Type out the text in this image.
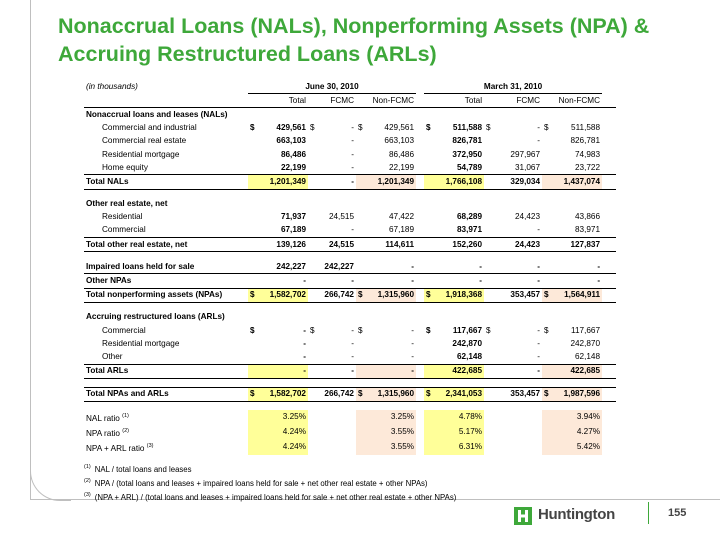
Nonaccrual Loans (NALs), Nonperforming Assets (NPA) & Accruing Restructured Loans (ARLs)
(in thousands)	June 30, 2010				March 31, 2010			
	Total	FCMC	Non-FCMC		Total	FCMC	Non-FCMC	
Nonaccrual loans and leases (NALs)								
Commercial and industrial	$ 429,561	$ -	$ 429,561		$ 511,588	$ -	$ 511,588	
Commercial real estate	663,103	-	663,103		826,781	-	826,781	
Residential mortgage	86,486	-	86,486		372,950	297,967	74,983	
Home equity	22,199	-	22,199		54,789	31,067	23,722	
Total NALs	1,201,349	-	1,201,349		1,766,108	329,034	1,437,074	

Other real estate, net								
Residential	71,937	24,515	47,422		68,289	24,423	43,866	
Commercial	67,189	-	67,189		83,971	-	83,971	
Total other real estate, net	139,126	24,515	114,611		152,260	24,423	127,837	

Impaired loans held for sale	242,227	242,227	-		-	-	-	
Other NPAs	-	-	-		-	-	-	
Total nonperforming assets (NPAs)	$ 1,582,702	266,742	$ 1,315,960		$ 1,918,368	353,457	$ 1,564,911	

Accruing restructured loans (ARLs)								
Commercial	$ -	$ -	$ -		$ 117,667	$ -	$ 117,667	
Residential mortgage	-	-	-		242,870	-	242,870	
Other	-	-	-		62,148	-	62,148	
Total ARLs	-	-	-		422,685	-	422,685	

Total NPAs and ARLs	$ 1,582,702	266,742	$ 1,315,960		$ 2,341,053	353,457	$ 1,987,596	

NAL ratio $^{(1)}$	3.25%		3.25%		4.78%		3.94%	
NPA ratio $^{(2)}$	4.24%		3.55%		5.17%		4.27%	
NPA + ARL ratio $^{(3)}$	4.24%		3.55%		6.31%		5.42%	
$^{(1)}$ NAL / total loans and leases
$^{(2)}$ NPA / (total loans and leases + impaired loans held for sale + net other real estate + other NPAs)
$^{(3)}$ (NPA + ARL) / (total loans and leases + impaired loans held for sale + net other real estate + other NPAs)
Huntington	155
